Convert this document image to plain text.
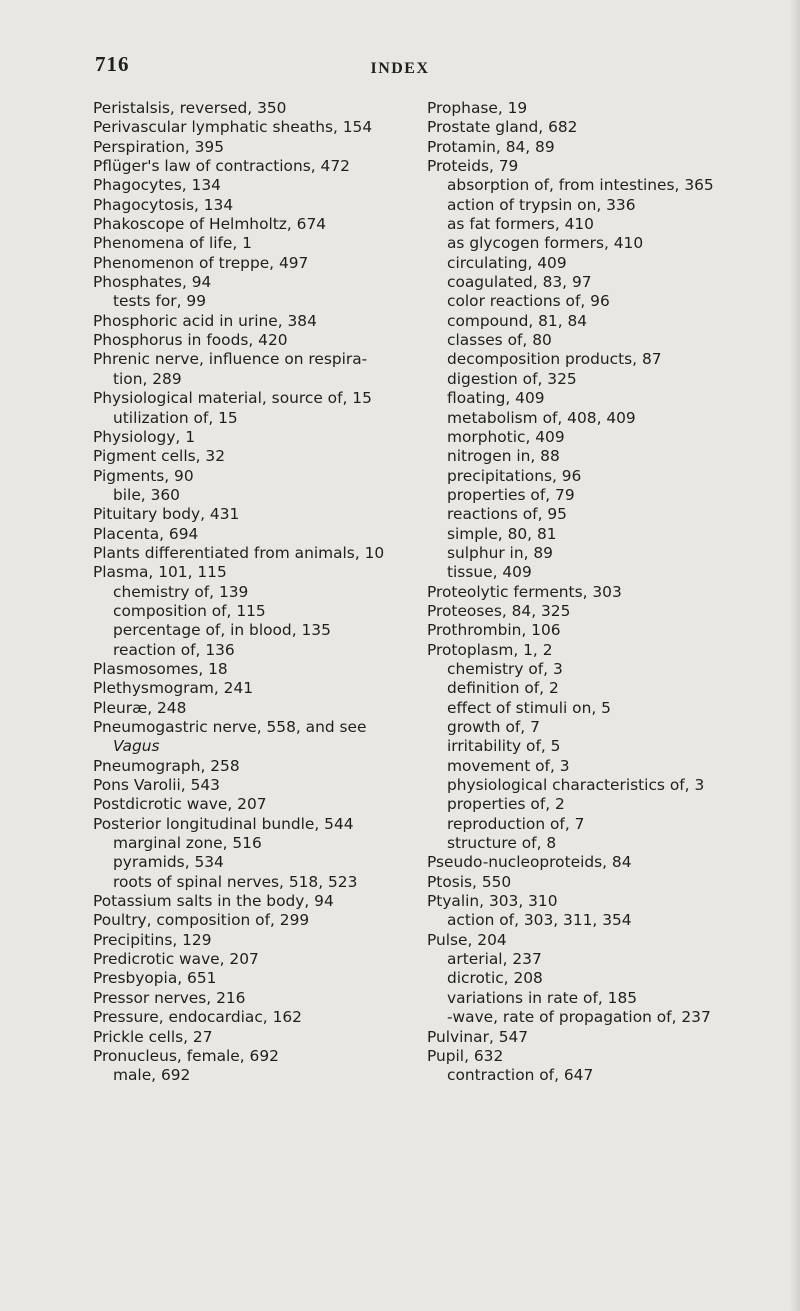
716	INDEX
Peristalsis, reversed, 350
Perivascular lymphatic sheaths, 154
Perspiration, 395
Pflüger's law of contractions, 472
Phagocytes, 134
Phagocytosis, 134
Phakoscope of Helmholtz, 674
Phenomena of life, 1
Phenomenon of treppe, 497
Phosphates, 94
tests for, 99
Phosphoric acid in urine, 384
Phosphorus in foods, 420
Phrenic nerve, influence on respira-
tion, 289
Physiological material, source of, 15
utilization of, 15
Physiology, 1
Pigment cells, 32
Pigments, 90
bile, 360
Pituitary body, 431
Placenta, 694
Plants differentiated from animals, 10
Plasma, 101, 115
chemistry of, 139
composition of, 115
percentage of, in blood, 135
reaction of, 136
Plasmosomes, 18
Plethysmogram, 241
Pleuræ, 248
Pneumogastric nerve, 558, and see
Vagus
Pneumograph, 258
Pons Varolii, 543
Postdicrotic wave, 207
Posterior longitudinal bundle, 544
marginal zone, 516
pyramids, 534
roots of spinal nerves, 518, 523
Potassium salts in the body, 94
Poultry, composition of, 299
Precipitins, 129
Predicrotic wave, 207
Presbyopia, 651
Pressor nerves, 216
Pressure, endocardiac, 162
Prickle cells, 27
Pronucleus, female, 692
male, 692
Prophase, 19
Prostate gland, 682
Protamin, 84, 89
Proteids, 79
absorption of, from intestines, 365
action of trypsin on, 336
as fat formers, 410
as glycogen formers, 410
circulating, 409
coagulated, 83, 97
color reactions of, 96
compound, 81, 84
classes of, 80
decomposition products, 87
digestion of, 325
floating, 409
metabolism of, 408, 409
morphotic, 409
nitrogen in, 88
precipitations, 96
properties of, 79
reactions of, 95
simple, 80, 81
sulphur in, 89
tissue, 409
Proteolytic ferments, 303
Proteoses, 84, 325
Prothrombin, 106
Protoplasm, 1, 2
chemistry of, 3
definition of, 2
effect of stimuli on, 5
growth of, 7
irritability of, 5
movement of, 3
physiological characteristics of, 3
properties of, 2
reproduction of, 7
structure of, 8
Pseudo-nucleoproteids, 84
Ptosis, 550
Ptyalin, 303, 310
action of, 303, 311, 354
Pulse, 204
arterial, 237
dicrotic, 208
variations in rate of, 185
-wave, rate of propagation of, 237
Pulvinar, 547
Pupil, 632
contraction of, 647
